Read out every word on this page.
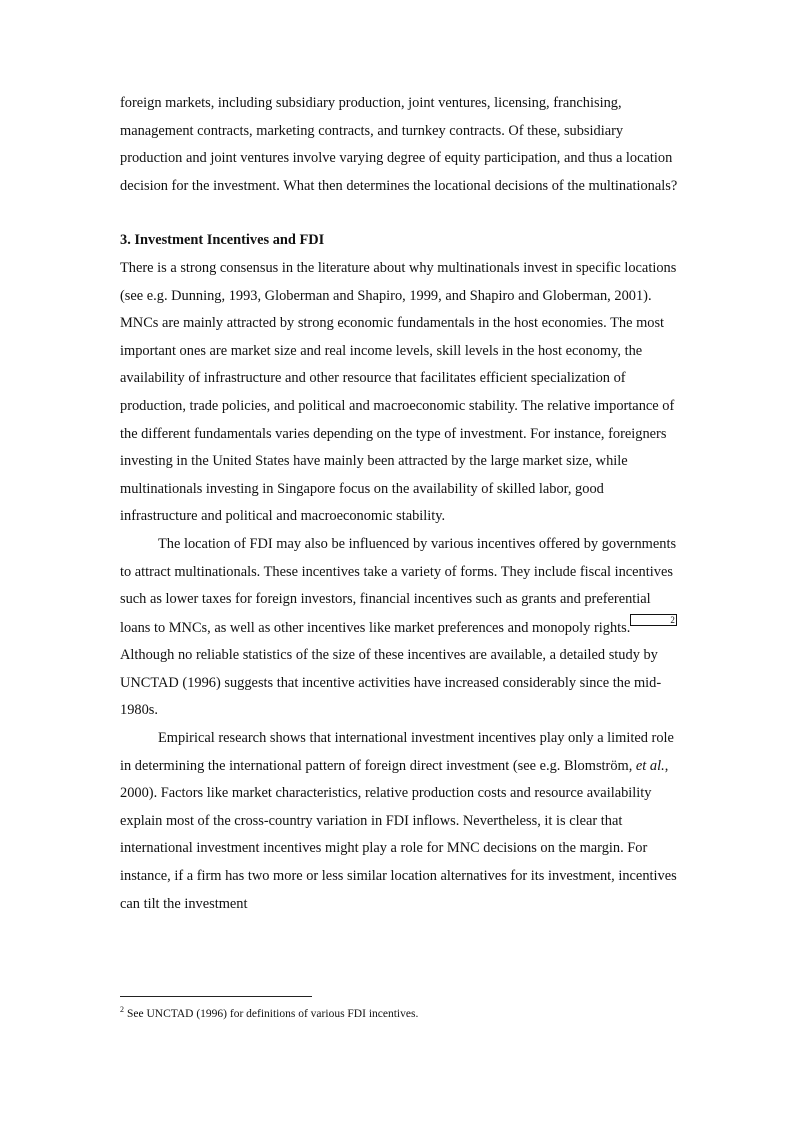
foreign markets, including subsidiary production, joint ventures, licensing, franchising, management contracts, marketing contracts, and turnkey contracts. Of these, subsidiary production and joint ventures involve varying degree of equity participation, and thus a location decision for the investment. What then determines the locational decisions of the multinationals?

3. Investment Incentives and FDI

There is a strong consensus in the literature about why multinationals invest in specific locations (see e.g. Dunning, 1993, Globerman and Shapiro, 1999, and Shapiro and Globerman, 2001). MNCs are mainly attracted by strong economic fundamentals in the host economies. The most important ones are market size and real income levels, skill levels in the host economy, the availability of infrastructure and other resource that facilitates efficient specialization of production, trade policies, and political and macroeconomic stability. The relative importance of the different fundamentals varies depending on the type of investment. For instance, foreigners investing in the United States have mainly been attracted by the large market size, while multinationals investing in Singapore focus on the availability of skilled labor, good infrastructure and political and macroeconomic stability.

The location of FDI may also be influenced by various incentives offered by governments to attract multinationals. These incentives take a variety of forms. They include fiscal incentives such as lower taxes for foreign investors, financial incentives such as grants and preferential loans to MNCs, as well as other incentives like market preferences and monopoly rights.	2Although no reliable statistics of the size of these incentives are available, a detailed study by UNCTAD (1996) suggests that incentive activities have increased considerably since the mid-1980s.

Empirical research shows that international investment incentives play only a limited role in determining the international pattern of foreign direct investment (see e.g. Blomström, et al., 2000). Factors like market characteristics, relative production costs and resource availability explain most of the cross-country variation in FDI inflows. Nevertheless, it is clear that international investment incentives might play a role for MNC decisions on the margin. For instance, if a firm has two more or less similar location alternatives for its investment, incentives can tilt the investment

$^2$ See UNCTAD (1996) for definitions of various FDI incentives.
